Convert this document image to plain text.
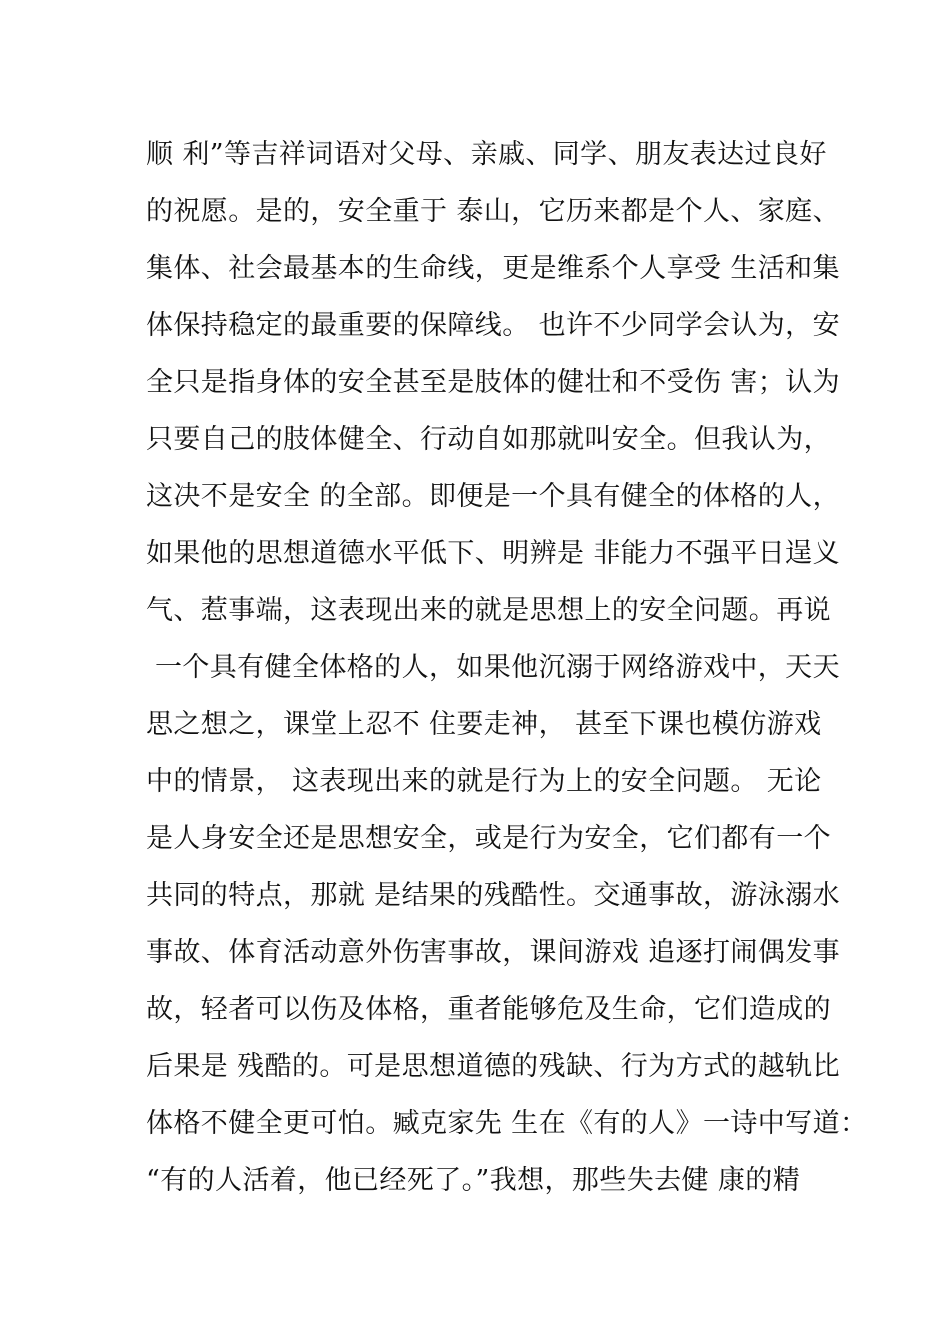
顺 利”等吉祥词语对父母、亲戚、同学、朋友表达过良好
的祝愿。是的，安全重于 泰山，它历来都是个人、家庭、
集体、社会最基本的生命线，更是维系个人享受 生活和集
体保持稳定的最重要的保障线。 也许不少同学会认为，安
全只是指身体的安全甚至是肢体的健壮和不受伤 害；认为
只要自己的肢体健全、行动自如那就叫安全。但我认为，
这决不是安全 的全部。即便是一个具有健全的体格的人，
如果他的思想道德水平低下、明辨是 非能力不强平日逞义
气、惹事端，这表现出来的就是思想上的安全问题。再说
一个具有健全体格的人，如果他沉溺于网络游戏中，天天
思之想之，课堂上忍不 住要走神， 甚至下课也模仿游戏
中的情景， 这表现出来的就是行为上的安全问题。 无论
是人身安全还是思想安全，或是行为安全，它们都有一个
共同的特点，那就 是结果的残酷性。交通事故，游泳溺水
事故、体育活动意外伤害事故，课间游戏 追逐打闹偶发事
故，轻者可以伤及体格，重者能够危及生命，它们造成的
后果是 残酷的。可是思想道德的残缺、行为方式的越轨比
体格不健全更可怕。臧克家先 生在《有的人》一诗中写道：
“有的人活着，他已经死了。”我想，那些失去健 康的精
